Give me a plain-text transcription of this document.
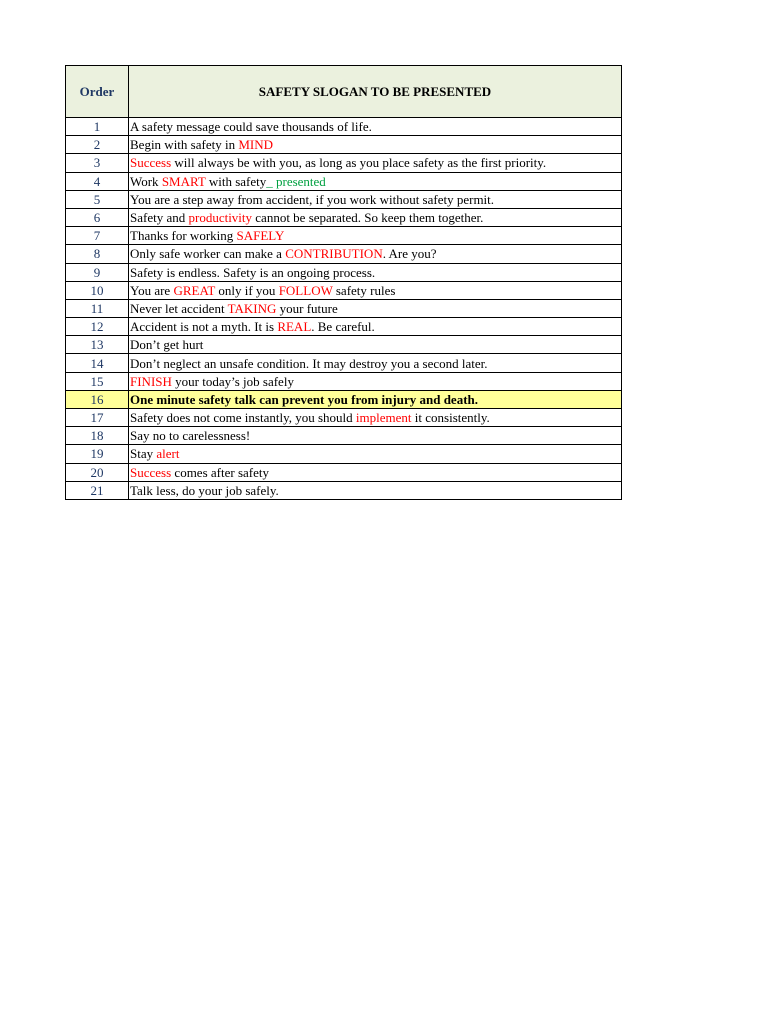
Order	SAFETY SLOGAN TO BE PRESENTED
1	A safety message could save thousands of life.
2	Begin with safety in MIND
3	Success will always be with you, as long as you place safety as the first priority.
4	Work SMART with safety_ presented
5	You are a step away from accident, if you work without safety permit.
6	Safety and productivity cannot be separated. So keep them together.
7	Thanks for working SAFELY
8	Only safe worker can make a CONTRIBUTION. Are you?
9	Safety is endless. Safety is an ongoing process.
10	You are GREAT only if you FOLLOW safety rules
11	Never let accident TAKING your future
12	Accident is not a myth. It is REAL. Be careful.
13	Don’t get hurt
14	Don’t neglect an unsafe condition. It may destroy you a second later.
15	FINISH your today’s job safely
16	One minute safety talk can prevent you from injury and death.
17	Safety does not come instantly, you should implement it consistently.
18	Say no to carelessness!
19	Stay alert
20	Success comes after safety
21	Talk less, do your job safely.
